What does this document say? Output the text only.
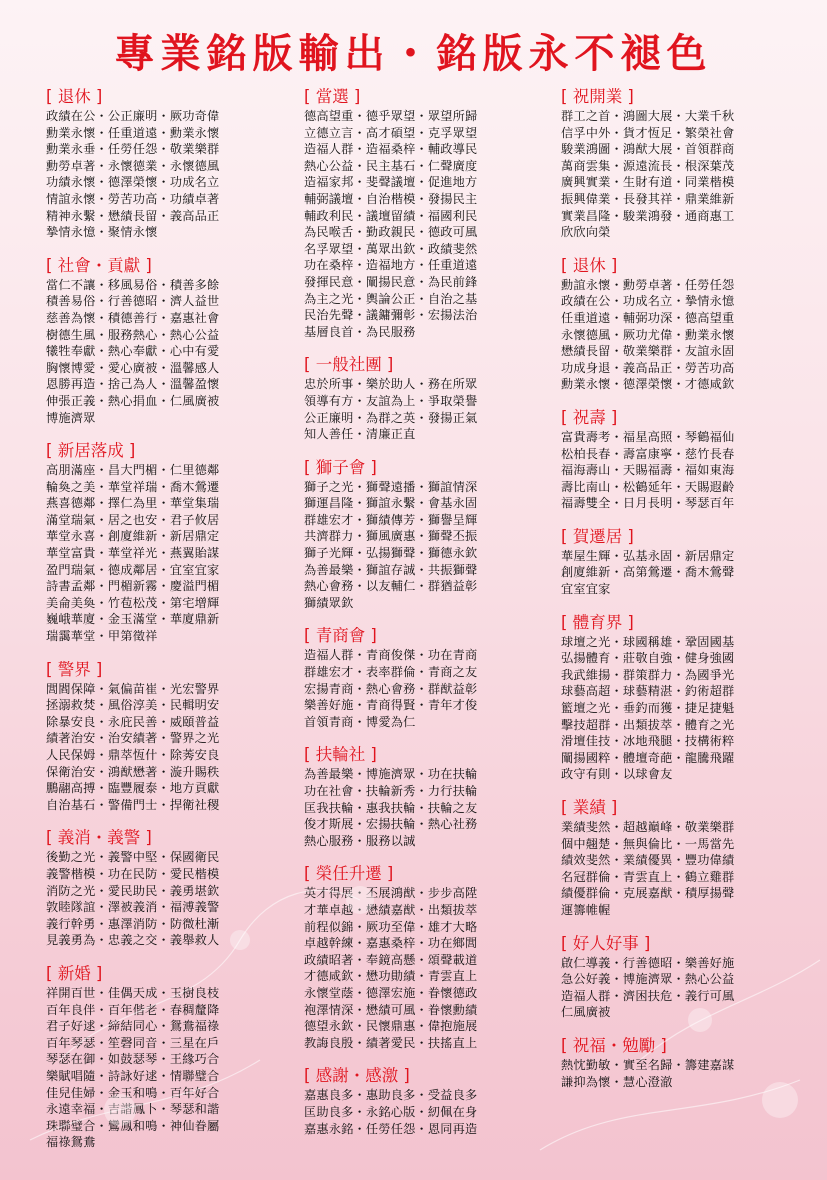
專業銘版輸出・銘版永不褪色
[ 退休 ]
政績在公・公正廉明・厥功奇偉
勳業永懷・任重道遠・勳業永懷
勳業永垂・任勞任怨・敬業樂群
勳勞卓著・永懷德業・永懷德風
功績永懷・德澤榮懷・功成名立
情誼永懷・勞苦功高・功績卓著
精神永繫・懋績長留・義高品正
摯情永憶・聚情永懷
[ 社會・貢獻 ]
當仁不讓・移風易俗・積善多餘
積善易俗・行善德昭・濟人益世
慈善為懷・積德善行・嘉惠社會
樹德生風・服務熱心・熱心公益
犧牲奉獻・熱心奉獻・心中有愛
胸懷博愛・愛心廣被・溫馨感人
恩勝再造・捨己為人・溫馨盈懷
伸張正義・熱心捐血・仁風廣被
博施濟眾
[ 新居落成 ]
高朋滿座・昌大門楣・仁里德鄰
輪奐之美・華堂祥瑞・喬木鶯遷
燕喜德鄰・擇仁為里・華堂集瑞
滿堂瑞氣・居之也安・君子攸居
華堂永喜・創廈維新・新居鼎定
華堂富貴・華堂祥光・燕翼貽謀
盈門瑞氣・德成鄰居・宜室宜家
詩書孟鄰・門楣新霧・慶溢門楣
美侖美奐・竹苞松茂・第宅增輝
巍峨華廈・金玉滿堂・華廈鼎新
瑞靄華堂・甲第徵祥
[ 警界 ]
閭閻保障・氣偏苗崔・光宏警界
拯溺救焚・風俗淳美・民輯明安
除暴安良・永庇民善・威頤普益
績著治安・治安績著・警界之光
人民保姆・鼎萃恆什・除莠安良
保衛治安・鴻猷懋著・漩升賜秩
鵬翮高搏・臨豐履泰・地方貢獻
自治基石・警備門士・捍衛社稷
[ 義消・義警 ]
後勤之光・義警中堅・保國衛民
義警楷模・功在民防・愛民楷模
消防之光・愛民助民・義勇堪欽
敦睦隊誼・澤被義消・福溥義警
義行幹勇・惠澤消防・防微杜漸
見義勇為・忠義之交・義舉救人
[ 新婚 ]
祥開百世・佳偶天成・玉樹良枝
百年良伴・百年偕老・春稠釐降
君子好逑・締結同心・鴛鴦福祿
百年琴瑟・笙磬同音・三星在戶
琴瑟在御・如鼓瑟琴・王緣巧合
樂賦唱隨・詩詠好逑・情聯璧合
佳兒佳婦・金玉和鳴・百年好合
永遠幸福・吉諧鳳卜・琴瑟和諧
珠聯璧合・鸞鳳和鳴・神仙眷屬
福祿鴛鴦
[ 當選 ]
德高望重・德乎眾望・眾望所歸
立德立言・高才碩望・克孚眾望
造福人群・造福桑梓・輔政導民
熱心公益・民主基石・仁聲廣度
造福家邦・斐聲議壇・促進地方
輔弼議壇・自治楷模・發揚民主
輔政利民・議壇留績・福國利民
為民喉舌・勤政親民・德政可風
名孚眾望・萬眾出欽・政績斐然
功在桑梓・造福地方・任重道遠
發揮民意・闡揚民意・為民前鋒
為主之光・輿論公正・自治之基
民治先聲・議鏞彌彰・宏揚法治
基層良首・為民服務
[ 一般社團 ]
忠於所事・樂於助人・務在所眾
領導有方・友誼為上・爭取榮譽
公正廉明・為群之英・發揚正氣
知人善任・清廉正直
[ 獅子會 ]
獅子之光・獅聲遠播・獅誼情深
獅運昌隆・獅誼永繫・會基永固
群雄宏才・獅績傳芳・獅譽呈輝
共濟群力・獅風廣惠・獅聲丕振
獅子光輝・弘揚獅聲・獅德永欽
為善最樂・獅誼存誠・共振獅聲
熱心會務・以友輔仁・群猶益彰
獅績眾欽
[ 青商會 ]
造福人群・青商俊傑・功在青商
群雄宏才・表率群倫・青商之友
宏揚青商・熱心會務・群猷益彰
樂善好施・青商得賢・青年才俊
首領青商・博愛為仁
[ 扶輪社 ]
為善最樂・博施濟眾・功在扶輪
功在社會・扶輪新秀・力行扶輪
匡我扶輪・惠我扶輪・扶輪之友
俊才斯展・宏揚扶輪・熱心社務
熱心服務・服務以誠
[ 榮任升遷 ]
英才得展・丕展鴻猷・步步高陞
才華卓越・懋績嘉猷・出類拔萃
前程似錦・厥功至偉・雄才大略
卓越幹練・嘉惠桑梓・功在鄉閭
政績昭著・奉鏡高懸・頌聲載道
才德咸欽・懋功勛績・青雲直上
永懷堂蔭・德澤宏施・眷懷德政
袍澤情深・懋績可風・眷懷勳績
德望永欽・民懷鼎惠・偉抱施展
教誨良殷・績著愛民・扶搖直上
[ 感謝・感激 ]
嘉惠良多・惠助良多・受益良多
匡助良多・永銘心版・紉佩在身
嘉惠永銘・任勞任怨・恩同再造
[ 祝開業 ]
群工之首・鴻圖大展・大業千秋
信孚中外・貨才恆足・繁榮社會
駿業鴻圖・鴻猷大展・首領群商
萬商雲集・源遠流長・根深葉茂
廣興實業・生財有道・同業楷模
振興偉業・長發其祥・鼎業維新
實業昌隆・駿業鴻發・通商惠工
欣欣向榮
[ 退休 ]
勳誼永懷・勳勞卓著・任勞任怨
政績在公・功成名立・摯情永憶
任重道遠・輔弼功深・德高望重
永懷德風・厥功尤偉・勳業永懷
懋績長留・敬業樂群・友誼永固
功成身退・義高品正・勞苦功高
勳業永懷・德澤榮懷・才德咸欽
[ 祝壽 ]
富貴壽考・福星高照・琴鶴福仙
松柏長春・壽富康寧・慈竹長春
福海壽山・天賜福壽・福如東海
壽比南山・松鶴延年・天賜遐齡
福壽雙全・日月長明・琴瑟百年
[ 賀遷居 ]
華屋生輝・弘基永固・新居鼎定
創廈維新・高第鶯遷・喬木鶯聲
宜室宜家
[ 體育界 ]
球壇之光・球國稱雄・鞏固國基
弘揚體育・莊敬自強・健身強國
我武維揚・群策群力・為國爭光
球藝高超・球藝精湛・釣術超群
籃壇之光・垂釣而獲・捷足捷魁
擊技超群・出類拔萃・體育之光
滑壇佳技・冰地飛腿・技構術粹
闡揚國粹・體壇奇葩・龍騰飛躍
政守有則・以球會友
[ 業績 ]
業績斐然・超越巔峰・敬業樂群
個中翹楚・無與倫比・一馬當先
績效斐然・業績優異・豐功偉績
名冠群倫・青雲直上・鶴立雞群
績優群倫・克展嘉猷・積厚揚聲
運籌帷幄
[ 好人好事 ]
啟仁導義・行善德昭・樂善好施
急公好義・博施濟眾・熱心公益
造福人群・濟困扶危・義行可風
仁風廣被
[ 祝福・勉勵 ]
熱忱勤敏・實至名歸・籌建嘉謀
謙抑為懷・慧心澄澈
